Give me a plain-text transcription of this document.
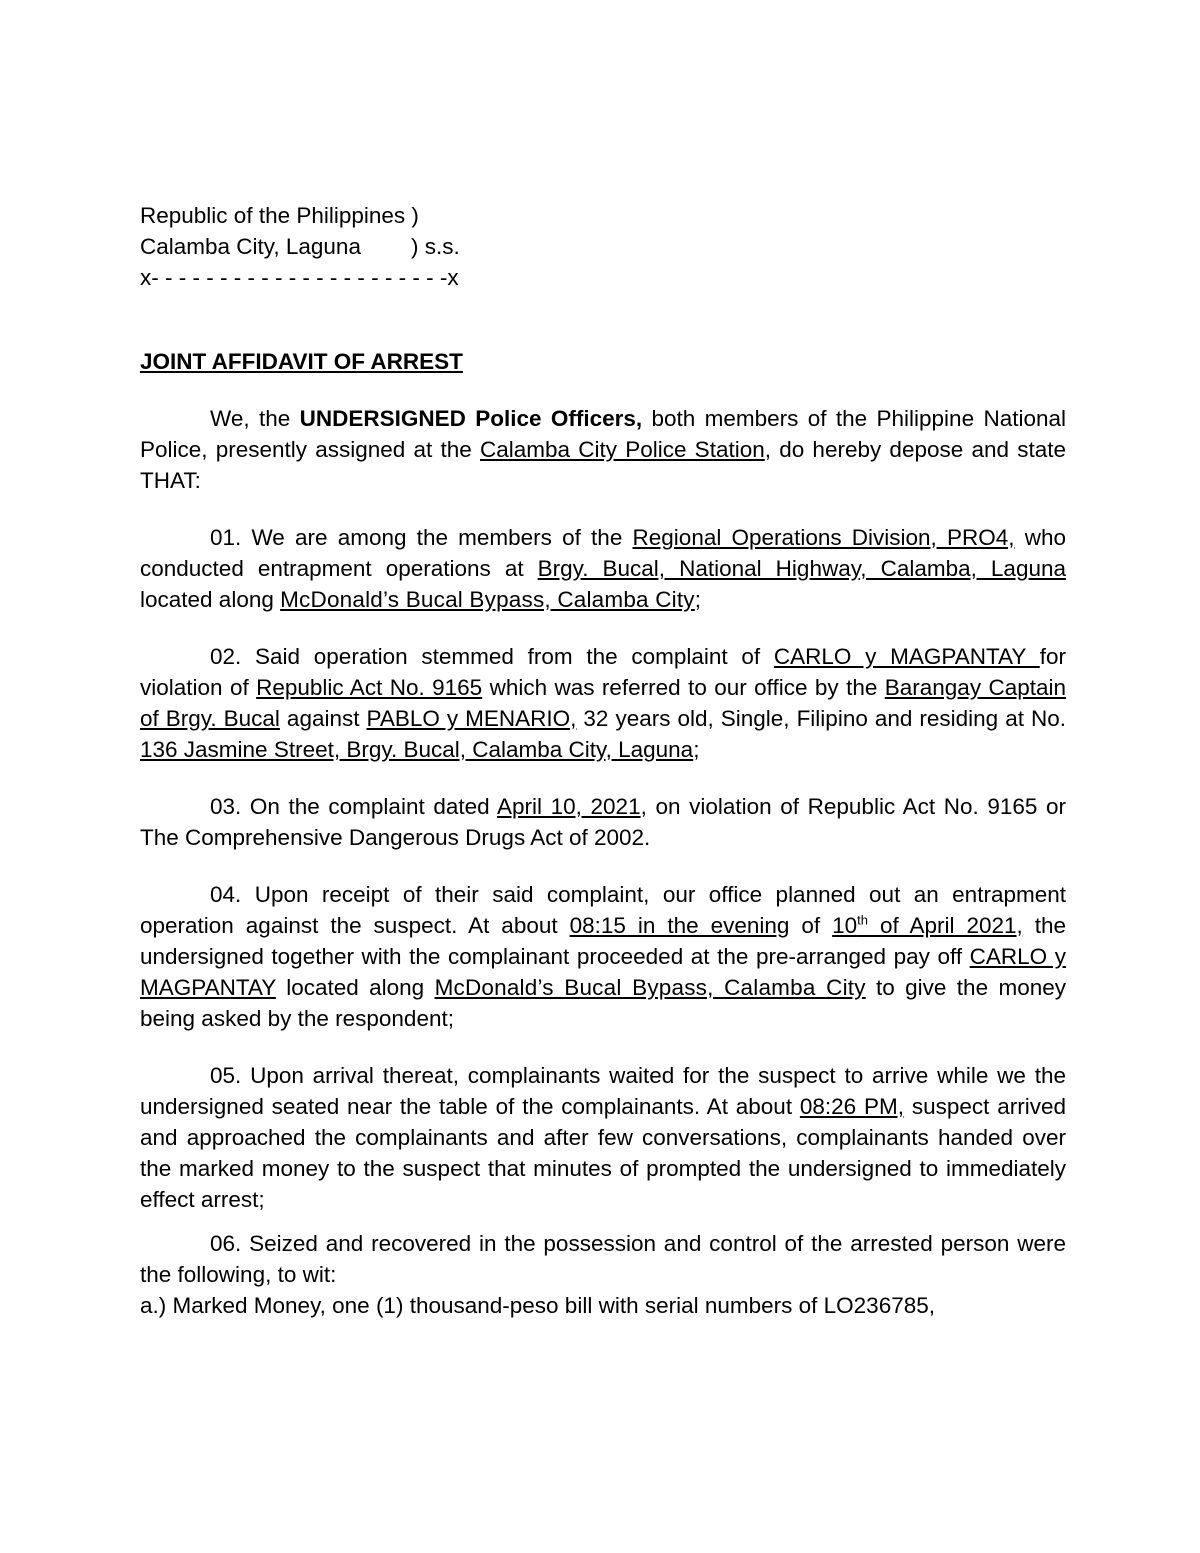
Republic of the Philippines )
Calamba City, Laguna        ) s.s.
x- - - - - - - - - - - - - - - - - - - - - -x
JOINT AFFIDAVIT OF ARREST

We, the UNDERSIGNED Police Officers, both members of the Philippine National Police, presently assigned at the Calamba City Police Station, do hereby depose and state THAT:

01. We are among the members of the Regional Operations Division, PRO4, who conducted entrapment operations at Brgy. Bucal, National Highway, Calamba, Laguna located along McDonald’s Bucal Bypass, Calamba City;

02. Said operation stemmed from the complaint of CARLO y MAGPANTAY for violation of Republic Act No. 9165 which was referred to our office by the Barangay Captain of Brgy. Bucal against PABLO y MENARIO, 32 years old, Single, Filipino and residing at No. 136 Jasmine Street, Brgy. Bucal, Calamba City, Laguna;

03. On the complaint dated April 10, 2021, on violation of Republic Act No. 9165 or The Comprehensive Dangerous Drugs Act of 2002.

04. Upon receipt of their said complaint, our office planned out an entrapment operation against the suspect. At about 08:15 in the evening of 10th of April 2021, the undersigned together with the complainant proceeded at the pre-arranged pay off CARLO y MAGPANTAY located along McDonald’s Bucal Bypass, Calamba City to give the money being asked by the respondent;

05. Upon arrival thereat, complainants waited for the suspect to arrive while we the undersigned seated near the table of the complainants. At about 08:26 PM, suspect arrived and approached the complainants and after few conversations, complainants handed over the marked money to the suspect that minutes of prompted the undersigned to immediately effect arrest;

06. Seized and recovered in the possession and control of the arrested person were the following, to wit:

a.) Marked Money, one (1) thousand-peso bill with serial numbers of LO236785,
